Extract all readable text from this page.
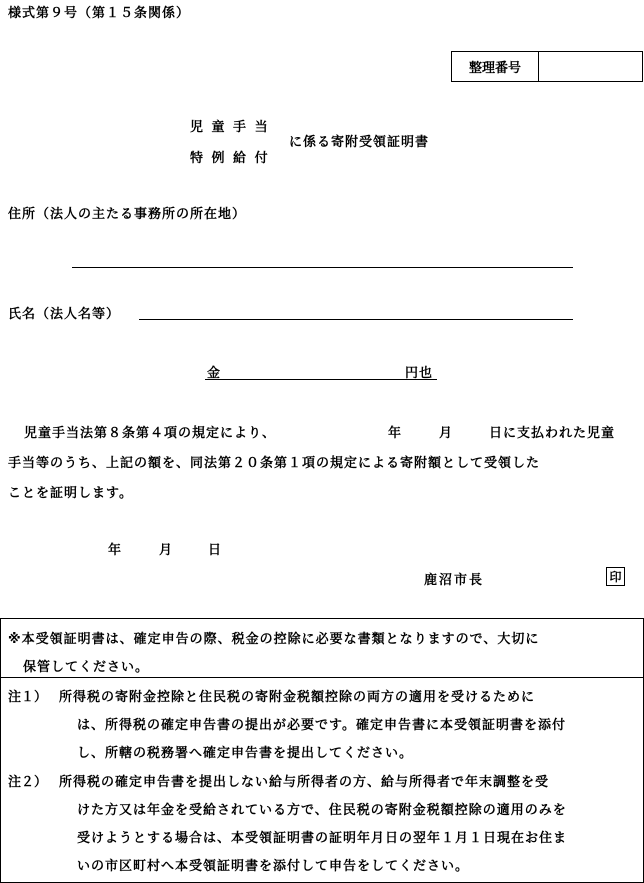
様式第９号（第１５条関係）
整理番号
児 童 手 当
特 例 給 付
に係る寄附受領証明書
住所（法人の主たる事務所の所在地）
氏名（法人名等）
金	円也
児童手当法第８条第４項の規定により、	年	月	日に支払われた児童
手当等のうち、上記の額を、同法第２０条第１項の規定による寄附額として受領した
ことを証明します。
年	月	日
鹿沼市長	印
※本受領証明書は、確定申告の際、税金の控除に必要な書類となりますので、大切に
保管してください。
注１） 所得税の寄附金控除と住民税の寄附金税額控除の両方の適用を受けるために
は、所得税の確定申告書の提出が必要です。確定申告書に本受領証明書を添付
し、所轄の税務署へ確定申告書を提出してください。
注２） 所得税の確定申告書を提出しない給与所得者の方、給与所得者で年末調整を受
けた方又は年金を受給されている方で、住民税の寄附金税額控除の適用のみを
受けようとする場合は、本受領証明書の証明年月日の翌年１月１日現在お住ま
いの市区町村へ本受領証明書を添付して申告をしてください。
